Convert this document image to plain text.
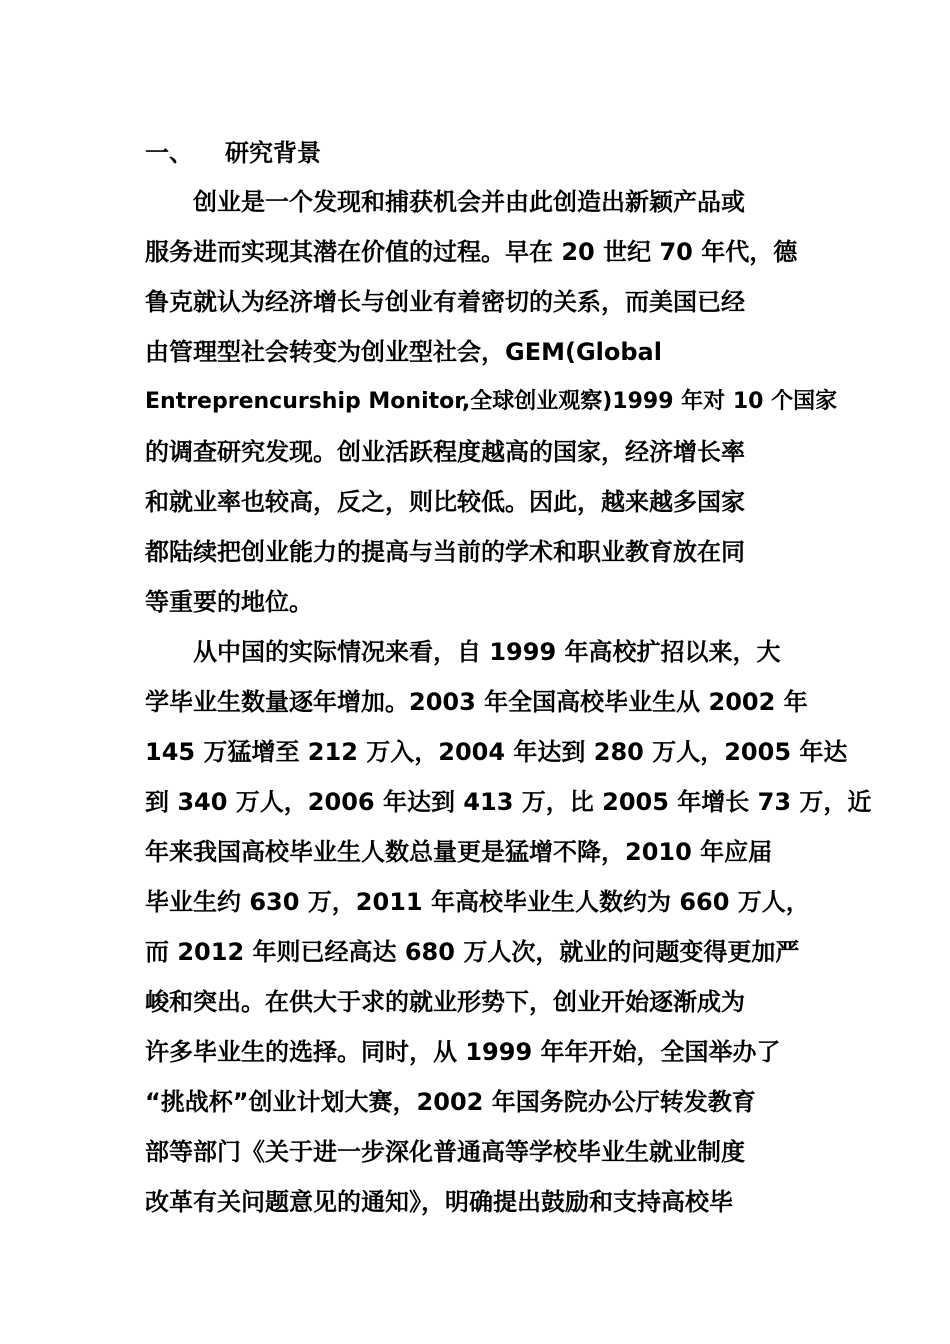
一、 研究背景

创业是一个发现和捕获机会并由此创造出新颖产品或

服务进而实现其潜在价值的过程。早在 20 世纪 70 年代，德

鲁克就认为经济增长与创业有着密切的关系，而美国已经

由管理型社会转变为创业型社会，GEM(Global

Entreprencurship Monitor,全球创业观察)1999 年对 10 个国家

的调查研究发现。创业活跃程度越高的国家，经济增长率

和就业率也较高，反之，则比较低。因此，越来越多国家

都陆续把创业能力的提高与当前的学术和职业教育放在同

等重要的地位。

从中国的实际情况来看，自 1999 年高校扩招以来，大

学毕业生数量逐年增加。2003 年全国高校毕业生从 2002 年

145 万猛增至 212 万入，2004 年达到 280 万人，2005 年达

到 340 万人，2006 年达到 413 万，比 2005 年增长 73 万，近

年来我国高校毕业生人数总量更是猛增不降，2010 年应届

毕业生约 630 万，2011 年高校毕业生人数约为 660 万人，

而 2012 年则已经高达 680 万人次，就业的问题变得更加严

峻和突出。在供大于求的就业形势下，创业开始逐渐成为

许多毕业生的选择。同时，从 1999 年年开始，全国举办了

“挑战杯”创业计划大赛，2002 年国务院办公厅转发教育

部等部门《关于进一步深化普通高等学校毕业生就业制度

改革有关问题意见的通知》，明确提出鼓励和支持高校毕
